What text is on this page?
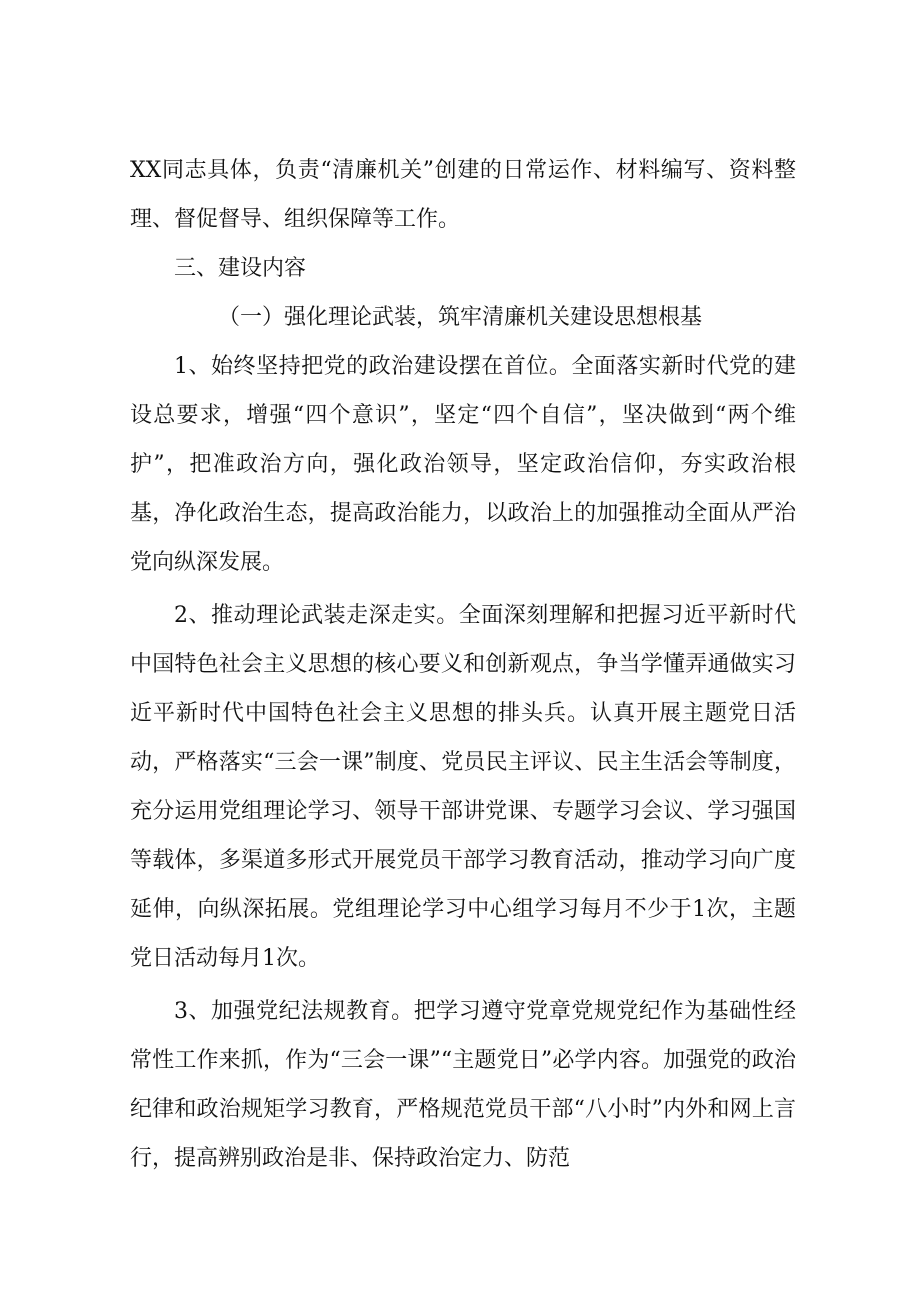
XX同志具体，负责“清廉机关”创建的日常运作、材料编写、资料整理、督促督导、组织保障等工作。

三、建设内容

（一）强化理论武装，筑牢清廉机关建设思想根基

1、始终坚持把党的政治建设摆在首位。全面落实新时代党的建设总要求，增强“四个意识”，坚定“四个自信”，坚决做到“两个维护”，把准政治方向，强化政治领导，坚定政治信仰，夯实政治根基，净化政治生态，提高政治能力，以政治上的加强推动全面从严治党向纵深发展。

2、推动理论武装走深走实。全面深刻理解和把握习近平新时代中国特色社会主义思想的核心要义和创新观点，争当学懂弄通做实习近平新时代中国特色社会主义思想的排头兵。认真开展主题党日活动，严格落实“三会一课”制度、党员民主评议、民主生活会等制度，充分运用党组理论学习、领导干部讲党课、专题学习会议、学习强国等载体，多渠道多形式开展党员干部学习教育活动，推动学习向广度延伸，向纵深拓展。党组理论学习中心组学习每月不少于1次，主题党日活动每月1次。

3、加强党纪法规教育。把学习遵守党章党规党纪作为基础性经常性工作来抓，作为“三会一课”“主题党日”必学内容。加强党的政治纪律和政治规矩学习教育，严格规范党员干部“八小时”内外和网上言行，提高辨别政治是非、保持政治定力、防范
